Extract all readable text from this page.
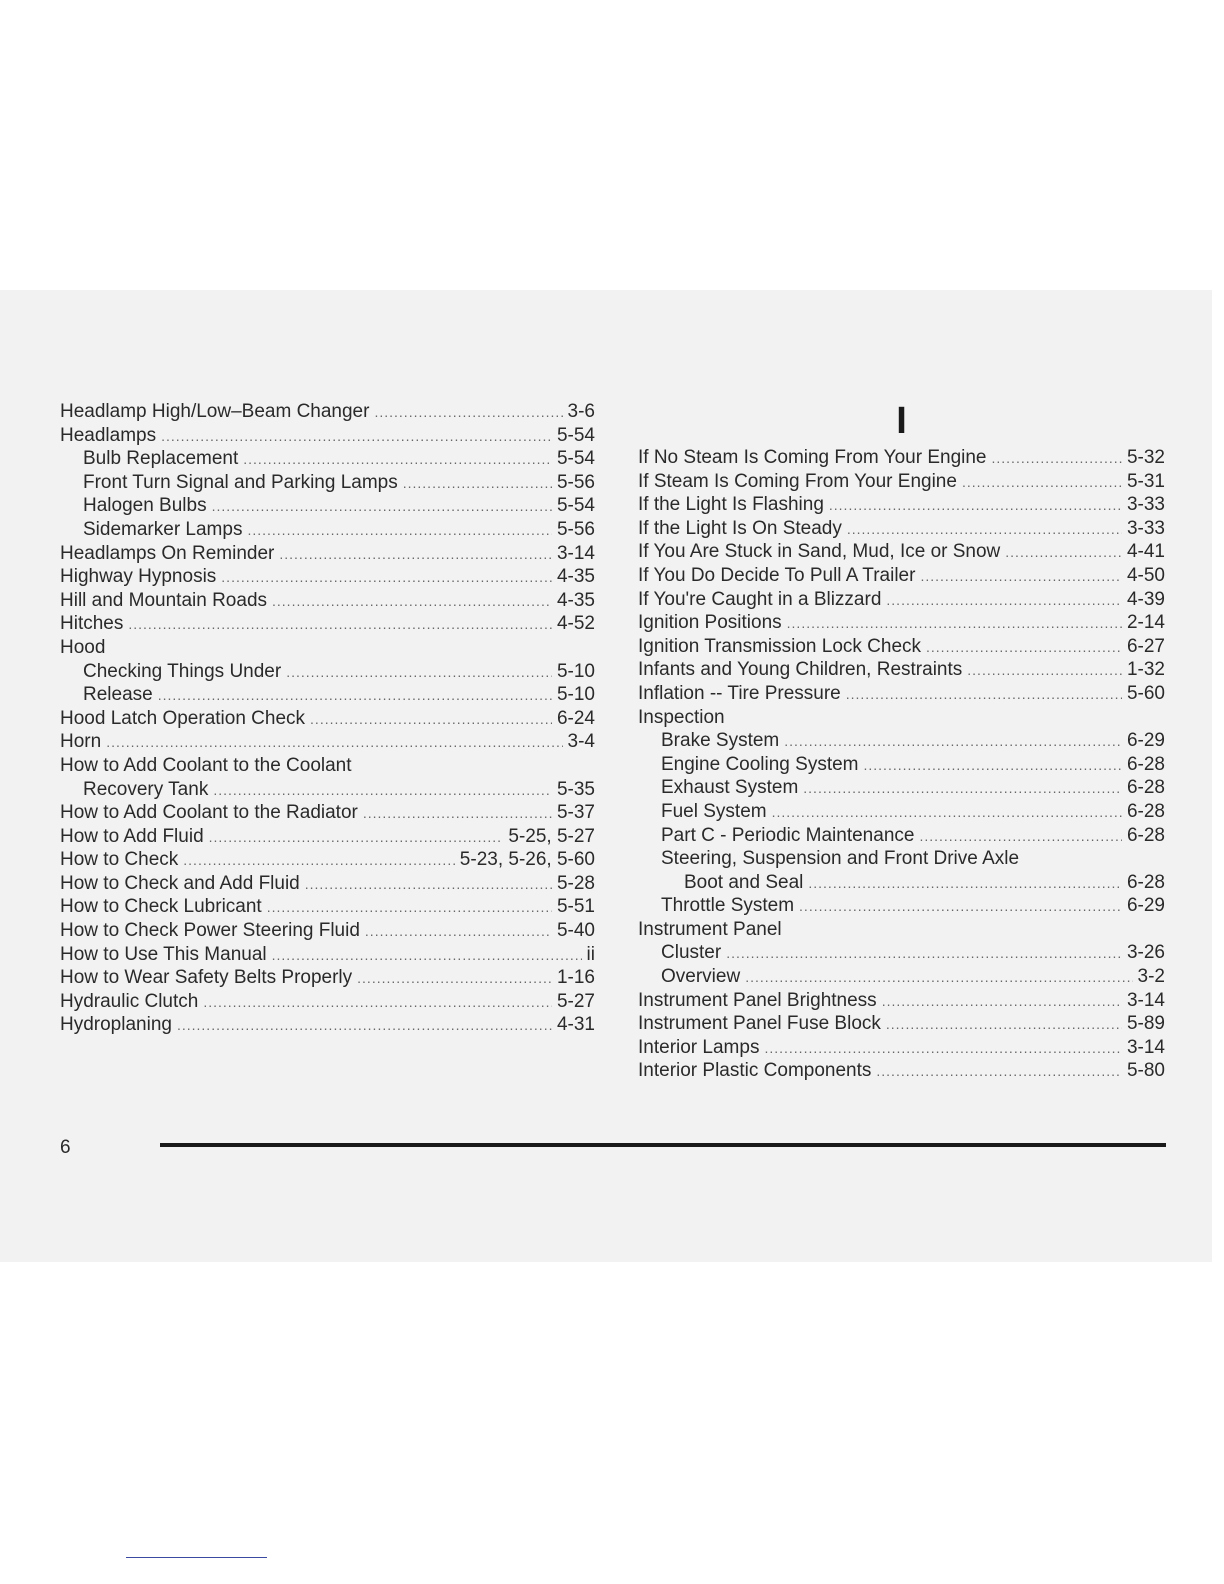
Headlamp High/Low–Beam Changer .....	3-6
Headlamps .....	5-54
Bulb Replacement .....	5-54
Front Turn Signal and Parking Lamps .....	5-56
Halogen Bulbs .....	5-54
Sidemarker Lamps .....	5-56
Headlamps On Reminder .....	3-14
Highway Hypnosis .....	4-35
Hill and Mountain Roads .....	4-35
Hitches .....	4-52
Hood
Checking Things Under .....	5-10
Release .....	5-10
Hood Latch Operation Check .....	6-24
Horn .....	3-4
How to Add Coolant to the Coolant
Recovery Tank .....	5-35
How to Add Coolant to the Radiator .....	5-37
How to Add Fluid .....	5-25, 5-27
How to Check .....	5-23, 5-26, 5-60
How to Check and Add Fluid .....	5-28
How to Check Lubricant .....	5-51
How to Check Power Steering Fluid .....	5-40
How to Use This Manual .....	ii
How to Wear Safety Belts Properly .....	1-16
Hydraulic Clutch .....	5-27
Hydroplaning .....	4-31
I
If No Steam Is Coming From Your Engine .....	5-32
If Steam Is Coming From Your Engine .....	5-31
If the Light Is Flashing .....	3-33
If the Light Is On Steady .....	3-33
If You Are Stuck in Sand, Mud, Ice or Snow .....	4-41
If You Do Decide To Pull A Trailer .....	4-50
If You're Caught in a Blizzard .....	4-39
Ignition Positions .....	2-14
Ignition Transmission Lock Check .....	6-27
Infants and Young Children, Restraints .....	1-32
Inflation -- Tire Pressure .....	5-60
Inspection
Brake System .....	6-29
Engine Cooling System .....	6-28
Exhaust System .....	6-28
Fuel System .....	6-28
Part C - Periodic Maintenance .....	6-28
Steering, Suspension and Front Drive Axle
Boot and Seal .....	6-28
Throttle System .....	6-29
Instrument Panel
Cluster .....	3-26
Overview .....	3-2
Instrument Panel Brightness .....	3-14
Instrument Panel Fuse Block .....	5-89
Interior Lamps .....	3-14
Interior Plastic Components .....	5-80
6
